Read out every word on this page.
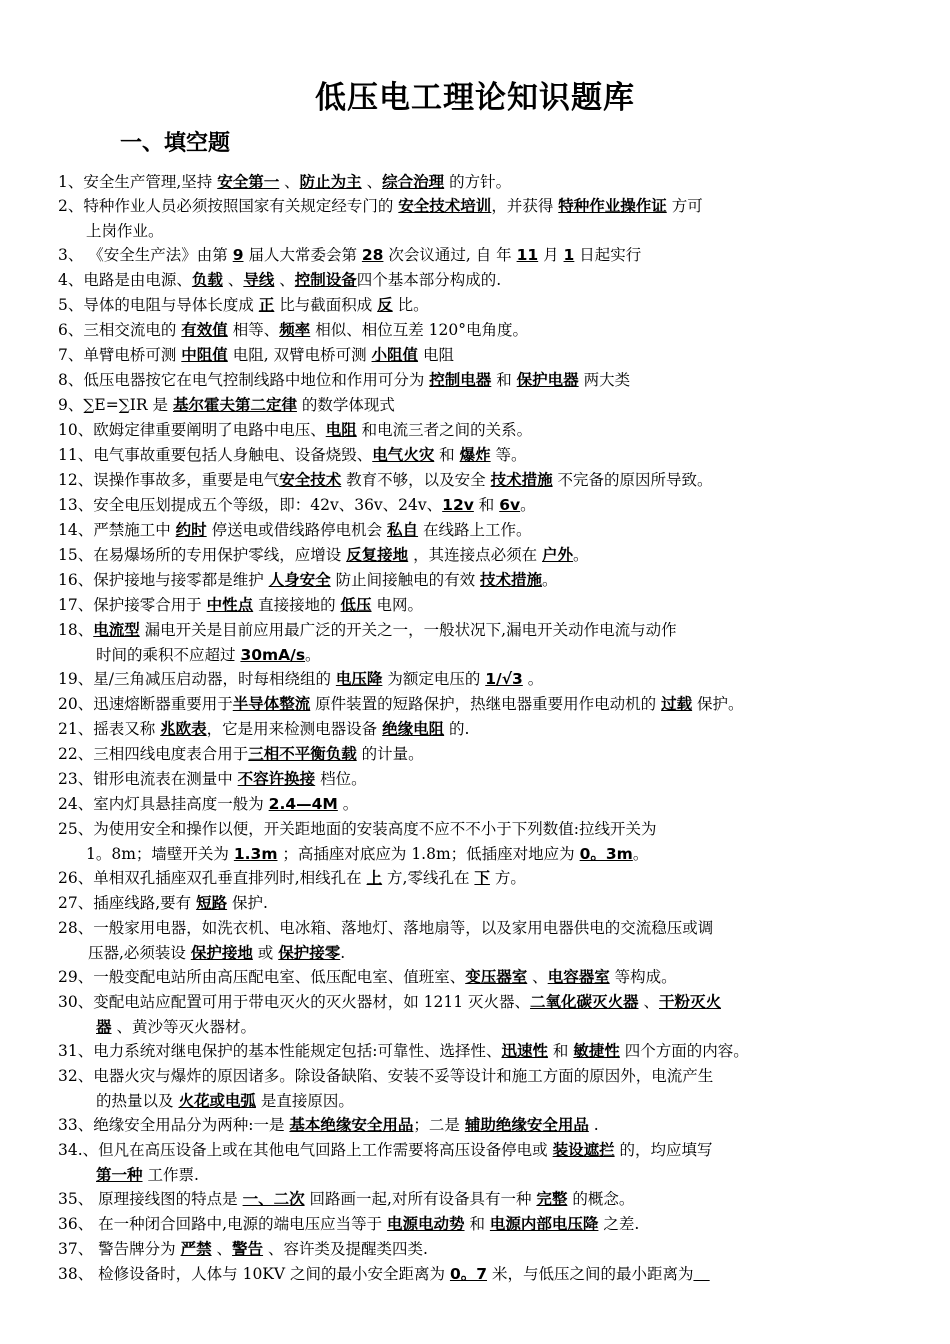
低压电工理论知识题库
一、填空题
1、安全生产管理,坚持 安全第一 、防止为主 、综合治理 的方针。
2、特种作业人员必须按照国家有关规定经专门的 安全技术培训，并获得 特种作业操作证 方可
上岗作业。
3、 《安全生产法》由第 9 届人大常委会第 28 次会议通过, 自 年 11 月 1 日起实行
4、电路是由电源、负载 、导线 、控制设备四个基本部分构成的.
5、导体的电阻与导体长度成 正 比与截面积成 反 比。
6、三相交流电的 有效值 相等、频率 相似、相位互差 120°电角度。
7、单臂电桥可测 中阻值 电阻, 双臂电桥可测 小阻值 电阻
8、低压电器按它在电气控制线路中地位和作用可分为 控制电器 和 保护电器 两大类
9、∑E=∑IR 是 基尔霍夫第二定律 的数学体现式
10、欧姆定律重要阐明了电路中电压、电阻 和电流三者之间的关系。
11、电气事故重要包括人身触电、设备烧毁、电气火灾 和 爆炸 等。
12、误操作事故多，重要是电气安全技术 教育不够，以及安全 技术措施 不完备的原因所导致。
13、安全电压划提成五个等级，即：42v、36v、24v、12v 和 6v。
14、严禁施工中 约时 停送电或借线路停电机会 私自 在线路上工作。
15、在易爆场所的专用保护零线，应增设 反复接地 ，其连接点必须在 户外。
16、保护接地与接零都是维护 人身安全 防止间接触电的有效 技术措施。
17、保护接零合用于 中性点 直接接地的 低压 电网。
18、电流型 漏电开关是目前应用最广泛的开关之一，一般状况下,漏电开关动作电流与动作
时间的乘积不应超过 30mA/s。
19、星/三角减压启动器，时每相绕组的 电压降 为额定电压的 1/√3 。
20、迅速熔断器重要用于半导体整流 原件装置的短路保护，热继电器重要用作电动机的 过载 保护。
21、摇表又称 兆欧表，它是用来检测电器设备 绝缘电阻 的.
22、三相四线电度表合用于三相不平衡负载 的计量。
23、钳形电流表在测量中 不容许换接 档位。
24、室内灯具悬挂高度一般为 2.4—4M 。
25、为使用安全和操作以便，开关距地面的安装高度不应不不小于下列数值:拉线开关为
1。8m；墙壁开关为 1.3m ；高插座对底应为 1.8m；低插座对地应为 0。3m。
26、单相双孔插座双孔垂直排列时,相线孔在 上 方,零线孔在 下 方。
27、插座线路,要有 短路 保护.
28、一般家用电器，如洗衣机、电冰箱、落地灯、落地扇等，以及家用电器供电的交流稳压或调
压器,必须装设 保护接地 或 保护接零.
29、一般变配电站所由高压配电室、低压配电室、值班室、变压器室 、电容器室 等构成。
30、变配电站应配置可用于带电灭火的灭火器材，如 1211 灭火器、二氧化碳灭火器 、干粉灭火
器 、黄沙等灭火器材。
31、电力系统对继电保护的基本性能规定包括:可靠性、选择性、迅速性 和 敏捷性 四个方面的内容。
32、电器火灾与爆炸的原因诸多。除设备缺陷、安装不妥等设计和施工方面的原因外，电流产生
的热量以及 火花或电弧 是直接原因。
33、绝缘安全用品分为两种:一是 基本绝缘安全用品；二是 辅助绝缘安全用品 .
34.、但凡在高压设备上或在其他电气回路上工作需要将高压设备停电或 装设遮拦 的，均应填写
第一种 工作票.
35、 原理接线图的特点是 一、二次 回路画一起,对所有设备具有一种 完整 的概念。
36、 在一种闭合回路中,电源的端电压应当等于 电源电动势 和 电源内部电压降 之差.
37、 警告牌分为 严禁 、警告 、容许类及提醒类四类.
38、 检修设备时，人体与 10KV 之间的最小安全距离为 0。7 米，与低压之间的最小距离为
